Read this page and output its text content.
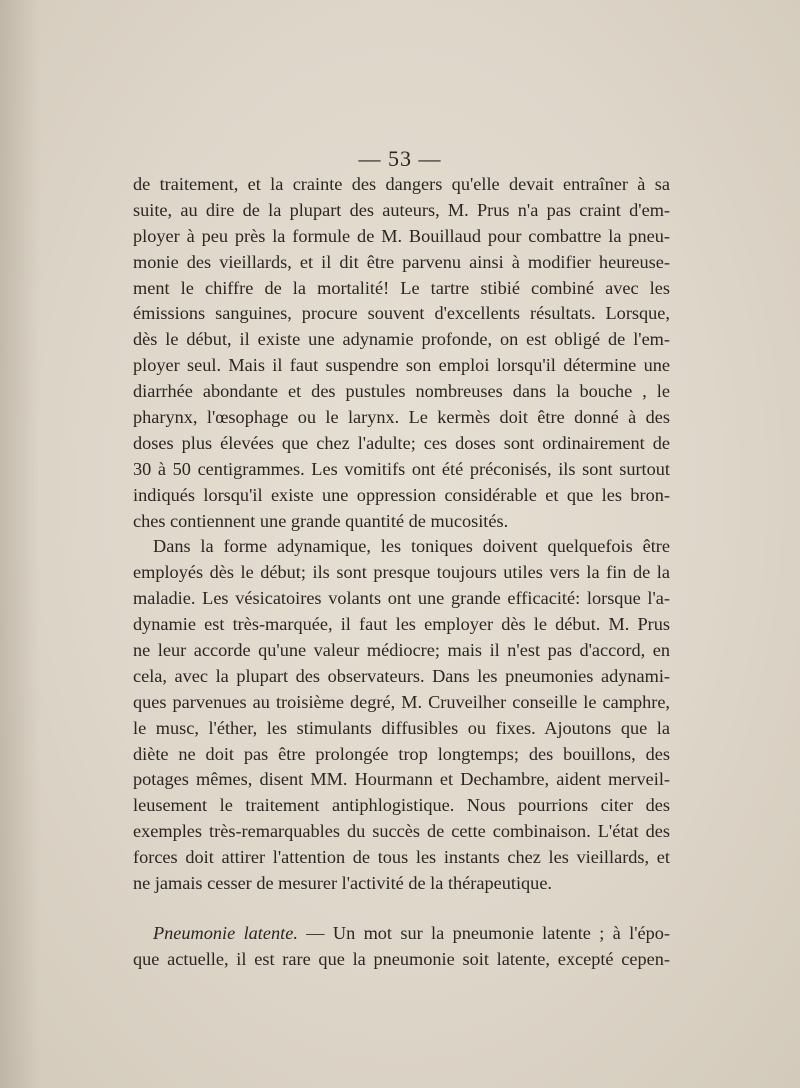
— 53 —
de traitement, et la crainte des dangers qu'elle devait entraîner à sa
suite, au dire de la plupart des auteurs, M. Prus n'a pas craint d'em-
ployer à peu près la formule de M. Bouillaud pour combattre la pneu-
monie des vieillards, et il dit être parvenu ainsi à modifier heureuse-
ment le chiffre de la mortalité! Le tartre stibié combiné avec les
émissions sanguines, procure souvent d'excellents résultats. Lorsque,
dès le début, il existe une adynamie profonde, on est obligé de l'em-
ployer seul. Mais il faut suspendre son emploi lorsqu'il détermine une
diarrhée abondante et des pustules nombreuses dans la bouche , le
pharynx, l'œsophage ou le larynx. Le kermès doit être donné à des
doses plus élevées que chez l'adulte; ces doses sont ordinairement de
30 à 50 centigrammes. Les vomitifs ont été préconisés, ils sont surtout
indiqués lorsqu'il existe une oppression considérable et que les bron-
ches contiennent une grande quantité de mucosités.
Dans la forme adynamique, les toniques doivent quelquefois être
employés dès le début; ils sont presque toujours utiles vers la fin de la
maladie. Les vésicatoires volants ont une grande efficacité: lorsque l'a-
dynamie est très-marquée, il faut les employer dès le début. M. Prus
ne leur accorde qu'une valeur médiocre; mais il n'est pas d'accord, en
cela, avec la plupart des observateurs. Dans les pneumonies adynami-
ques parvenues au troisième degré, M. Cruveilher conseille le camphre,
le musc, l'éther, les stimulants diffusibles ou fixes. Ajoutons que la
diète ne doit pas être prolongée trop longtemps; des bouillons, des
potages mêmes, disent MM. Hourmann et Dechambre, aident merveil-
leusement le traitement antiphlogistique. Nous pourrions citer des
exemples très-remarquables du succès de cette combinaison. L'état des
forces doit attirer l'attention de tous les instants chez les vieillards, et
ne jamais cesser de mesurer l'activité de la thérapeutique.
Pneumonie latente. — Un mot sur la pneumonie latente ; à l'épo-
que actuelle, il est rare que la pneumonie soit latente, excepté cepen-
